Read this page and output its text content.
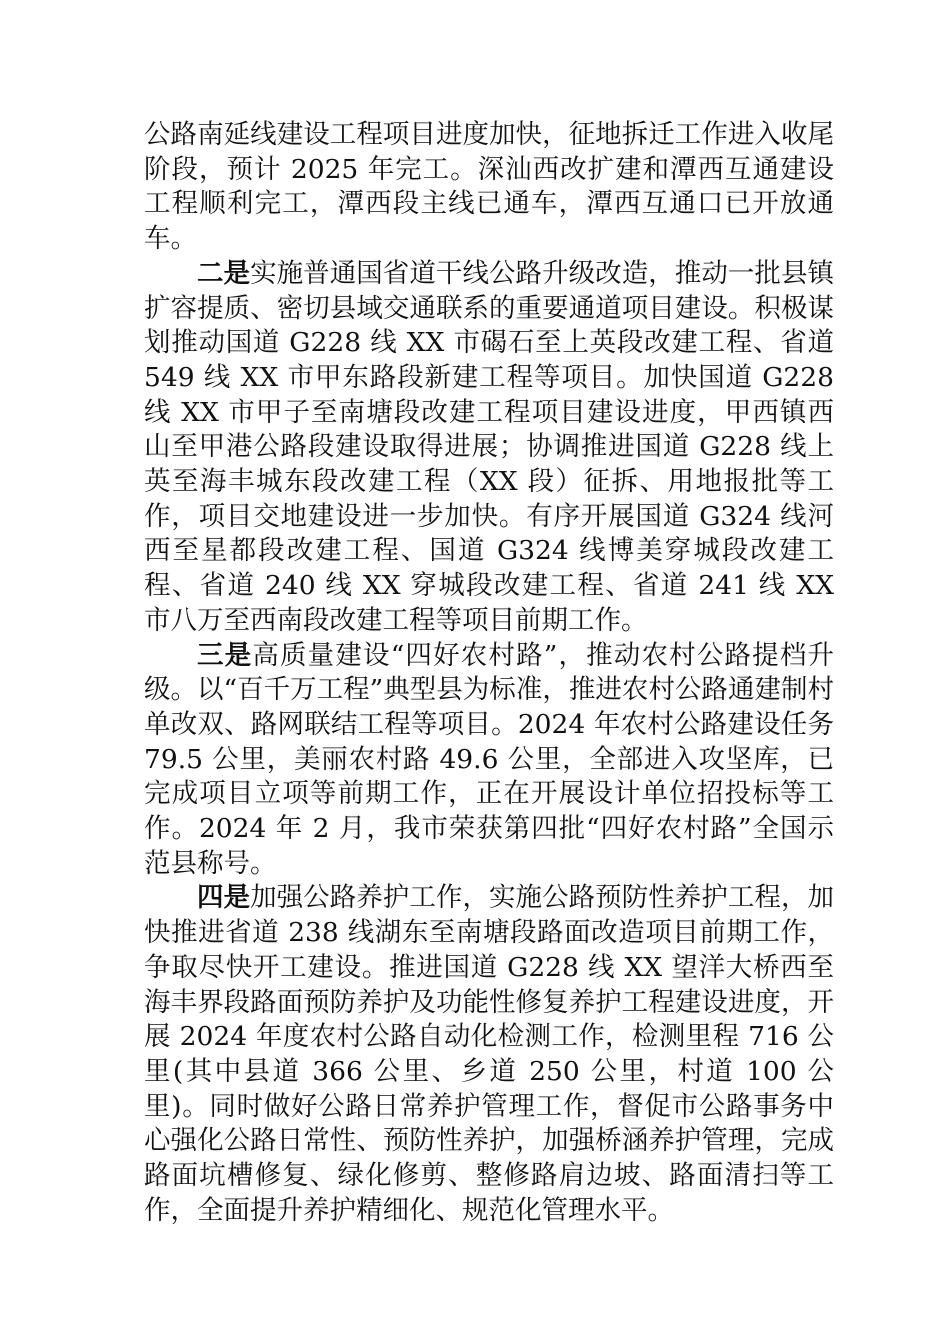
公路南延线建设工程项目进度加快，征地拆迁工作进入收尾阶段，预计 2025 年完工。深汕西改扩建和潭西互通建设工程顺利完工，潭西段主线已通车，潭西互通口已开放通车。

二是实施普通国省道干线公路升级改造，推动一批县镇扩容提质、密切县域交通联系的重要通道项目建设。积极谋划推动国道 G228 线 XX 市碣石至上英段改建工程、省道 549 线 XX 市甲东路段新建工程等项目。加快国道 G228 线 XX 市甲子至南塘段改建工程项目建设进度，甲西镇西山至甲港公路段建设取得进展；协调推进国道 G228 线上英至海丰城东段改建工程（XX 段）征拆、用地报批等工作，项目交地建设进一步加快。有序开展国道 G324 线河西至星都段改建工程、国道 G324 线博美穿城段改建工程、省道 240 线 XX 穿城段改建工程、省道 241 线 XX 市八万至西南段改建工程等项目前期工作。

三是高质量建设“四好农村路”，推动农村公路提档升级。以“百千万工程”典型县为标准，推进农村公路通建制村单改双、路网联结工程等项目。2024 年农村公路建设任务 79.5 公里，美丽农村路 49.6 公里，全部进入攻坚库，已完成项目立项等前期工作，正在开展设计单位招投标等工作。2024 年 2 月，我市荣获第四批“四好农村路”全国示范县称号。

四是加强公路养护工作，实施公路预防性养护工程，加快推进省道 238 线湖东至南塘段路面改造项目前期工作，争取尽快开工建设。推进国道 G228 线 XX 望洋大桥西至海丰界段路面预防养护及功能性修复养护工程建设进度，开展 2024 年度农村公路自动化检测工作，检测里程 716 公里(其中县道 366 公里、乡道 250 公里，村道 100 公里)。同时做好公路日常养护管理工作，督促市公路事务中心强化公路日常性、预防性养护，加强桥涵养护管理，完成路面坑槽修复、绿化修剪、整修路肩边坡、路面清扫等工作，全面提升养护精细化、规范化管理水平。
